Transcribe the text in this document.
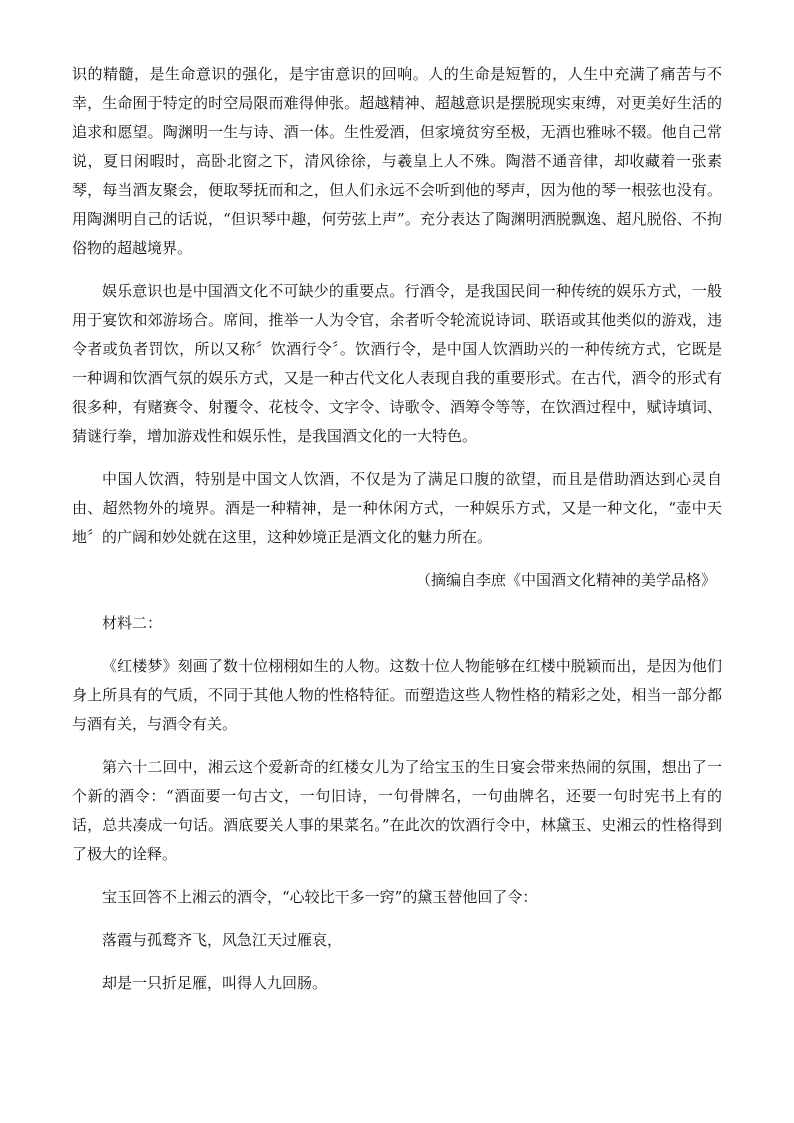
识的精髓，是生命意识的强化，是宇宙意识的回响。人的生命是短暂的，人生中充满了痛苦与不幸，生命囿于特定的时空局限而难得伸张。超越精神、超越意识是摆脱现实束缚，对更美好生活的追求和愿望。陶渊明一生与诗、酒一体。生性爱酒，但家境贫穷至极，无酒也雅咏不辍。他自己常说，夏日闲暇时，高卧北窗之下，清风徐徐，与羲皇上人不殊。陶潜不通音律，却收藏着一张素琴，每当酒友聚会，便取琴抚而和之，但人们永远不会听到他的琴声，因为他的琴一根弦也没有。用陶渊明自己的话说，“但识琴中趣，何劳弦上声”。充分表达了陶渊明洒脱飘逸、超凡脱俗、不拘俗物的超越境界。

娱乐意识也是中国酒文化不可缺少的重要点。行酒令，是我国民间一种传统的娱乐方式，一般用于宴饮和郊游场合。席间，推举一人为令官，余者听令轮流说诗词、联语或其他类似的游戏，违令者或负者罚饮，所以又称〞饮酒行令〞。饮酒行令，是中国人饮酒助兴的一种传统方式，它既是一种调和饮酒气氛的娱乐方式，又是一种古代文化人表现自我的重要形式。在古代，酒令的形式有很多种，有赌赛令、射覆令、花枝令、文字令、诗歌令、酒筹令等等，在饮酒过程中，赋诗填词、猜谜行拳，增加游戏性和娱乐性，是我国酒文化的一大特色。

中国人饮酒，特别是中国文人饮酒，不仅是为了满足口腹的欲望，而且是借助酒达到心灵自由、超然物外的境界。酒是一种精神，是一种休闲方式，一种娱乐方式，又是一种文化，“壶中天地〞的广阔和妙处就在这里，这种妙境正是酒文化的魅力所在。

（摘编自李庶《中国酒文化精神的美学品格》

材料二：

《红楼梦》刻画了数十位栩栩如生的人物。这数十位人物能够在红楼中脱颖而出，是因为他们身上所具有的气质，不同于其他人物的性格特征。而塑造这些人物性格的精彩之处，相当一部分都与酒有关，与酒令有关。

第六十二回中，湘云这个爱新奇的红楼女儿为了给宝玉的生日宴会带来热闹的氛围，想出了一个新的酒令：“酒面要一句古文，一句旧诗，一句骨牌名，一句曲牌名，还要一句时宪书上有的话，总共凑成一句话。酒底要关人事的果菜名。”在此次的饮酒行令中，林黛玉、史湘云的性格得到了极大的诠释。

宝玉回答不上湘云的酒令，“心较比干多一窍”的黛玉替他回了令：

落霞与孤鹜齐飞，风急江天过雁哀，

却是一只折足雁，叫得人九回肠。
